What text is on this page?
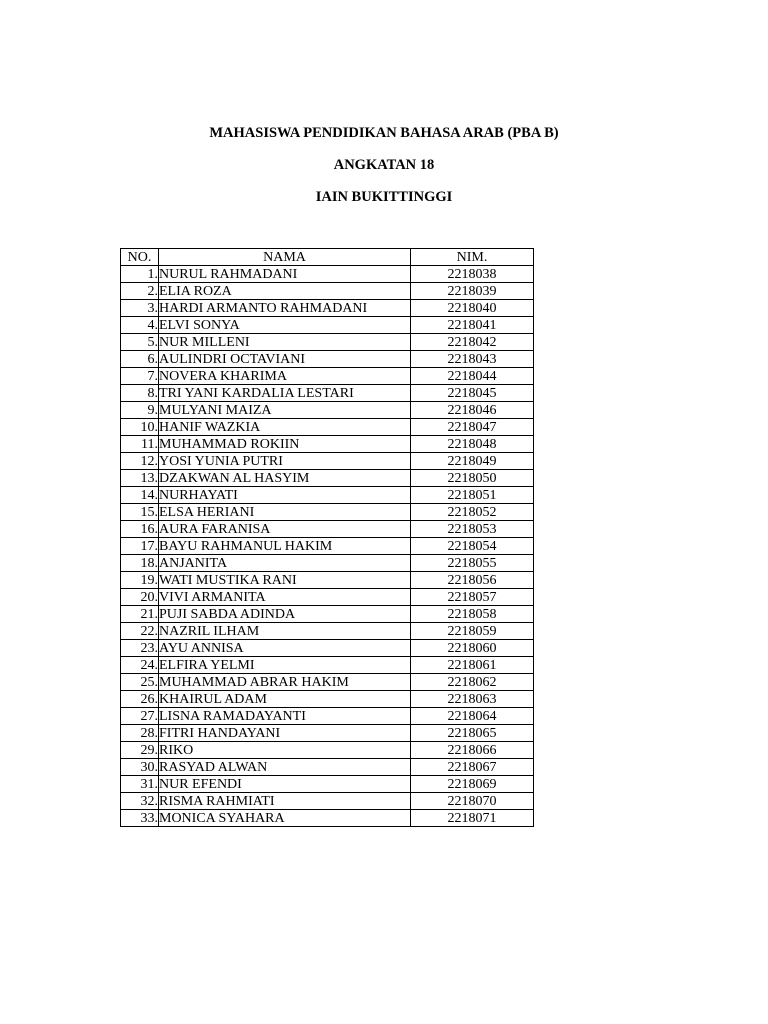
MAHASISWA PENDIDIKAN BAHASA ARAB (PBA B)

ANGKATAN 18

IAIN BUKITTINGGI

NO.	NAMA	NIM.
1.	NURUL RAHMADANI	2218038
2.	ELIA ROZA	2218039
3.	HARDI ARMANTO RAHMADANI	2218040
4.	ELVI SONYA	2218041
5.	NUR MILLENI	2218042
6.	AULINDRI OCTAVIANI	2218043
7.	NOVERA KHARIMA	2218044
8.	TRI YANI KARDALIA LESTARI	2218045
9.	MULYANI MAIZA	2218046
10.	HANIF WAZKIA	2218047
11.	MUHAMMAD ROKIIN	2218048
12.	YOSI YUNIA PUTRI	2218049
13.	DZAKWAN AL HASYIM	2218050
14.	NURHAYATI	2218051
15.	ELSA HERIANI	2218052
16.	AURA FARANISA	2218053
17.	BAYU RAHMANUL HAKIM	2218054
18.	ANJANITA	2218055
19.	WATI MUSTIKA RANI	2218056
20.	VIVI ARMANITA	2218057
21.	PUJI SABDA ADINDA	2218058
22.	NAZRIL ILHAM	2218059
23.	AYU ANNISA	2218060
24.	ELFIRA YELMI	2218061
25.	MUHAMMAD ABRAR HAKIM	2218062
26.	KHAIRUL ADAM	2218063
27.	LISNA RAMADAYANTI	2218064
28.	FITRI HANDAYANI	2218065
29.	RIKO	2218066
30.	RASYAD ALWAN	2218067
31.	NUR EFENDI	2218069
32.	RISMA RAHMIATI	2218070
33.	MONICA SYAHARA	2218071
